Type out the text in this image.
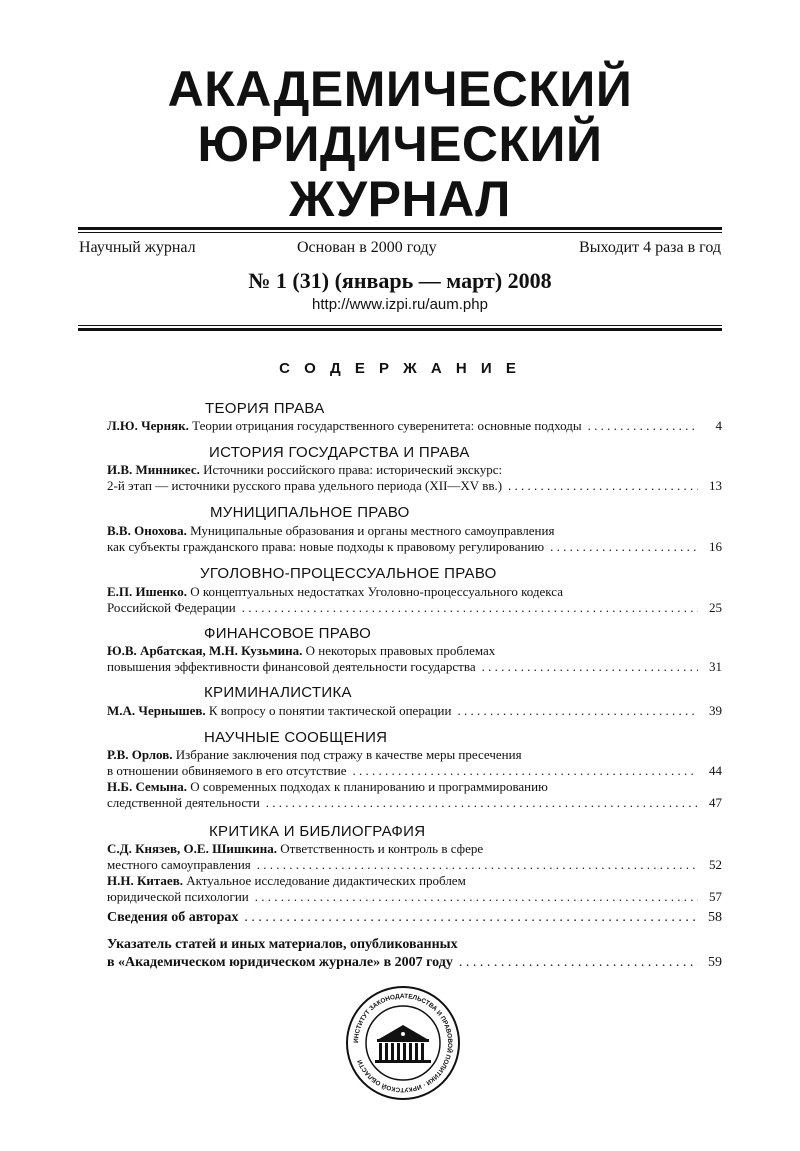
АКАДЕМИЧЕСКИЙ
ЮРИДИЧЕСКИЙ
ЖУРНАЛ
Научный журнал	Основан в 2000 году	Выходит 4 раза в год
№ 1 (31) (январь — март) 2008
http://www.izpi.ru/aum.php
С О Д Е Р Ж А Н И Е
ТЕОРИЯ ПРАВА
Л.Ю. Черняк. Теории отрицания государственного суверенитета: основные подходы . . .	4
ИСТОРИЯ ГОСУДАРСТВА И ПРАВА
И.В. Минникес. Источники российского права: исторический экскурс:
2-й этап — источники русского права удельного периода (XII—XV вв.) . . .	13
МУНИЦИПАЛЬНОЕ ПРАВО
В.В. Онохова. Муниципальные образования и органы местного самоуправления
как субъекты гражданского права: новые подходы к правовому регулированию . . .	16
УГОЛОВНО-ПРОЦЕССУАЛЬНОЕ ПРАВО
Е.П. Ишенко. О концептуальных недостатках Уголовно-процессуального кодекса
Российской Федерации . . .	25
ФИНАНСОВОЕ ПРАВО
Ю.В. Арбатская, М.Н. Кузьмина. О некоторых правовых проблемах
повышения эффективности финансовой деятельности государства . . .	31
КРИМИНАЛИСТИКА
М.А. Чернышев. К вопросу о понятии тактической операции . . .	39
НАУЧНЫЕ СООБЩЕНИЯ
Р.В. Орлов. Избрание заключения под стражу в качестве меры пресечения
в отношении обвиняемого в его отсутствие . . .	44
Н.Б. Семына. О современных подходах к планированию и программированию
следственной деятельности . . .	47
КРИТИКА И БИБЛИОГРАФИЯ
С.Д. Князев, О.Е. Шишкина. Ответственность и контроль в сфере
местного самоуправления . . .	52
Н.Н. Китаев. Актуальное исследование дидактических проблем
юридической психологии . . .	57
Сведения об авторах . . .	58
Указатель статей и иных материалов, опубликованных
в «Академическом юридическом журнале» в 2007 году . . .	59
ИНСТИТУТ ЗАКОНОДАТЕЛЬСТВА И ПРАВОВОЙ ПОЛИТИКИ · ИРКУТСКОЙ ОБЛАСТИ
